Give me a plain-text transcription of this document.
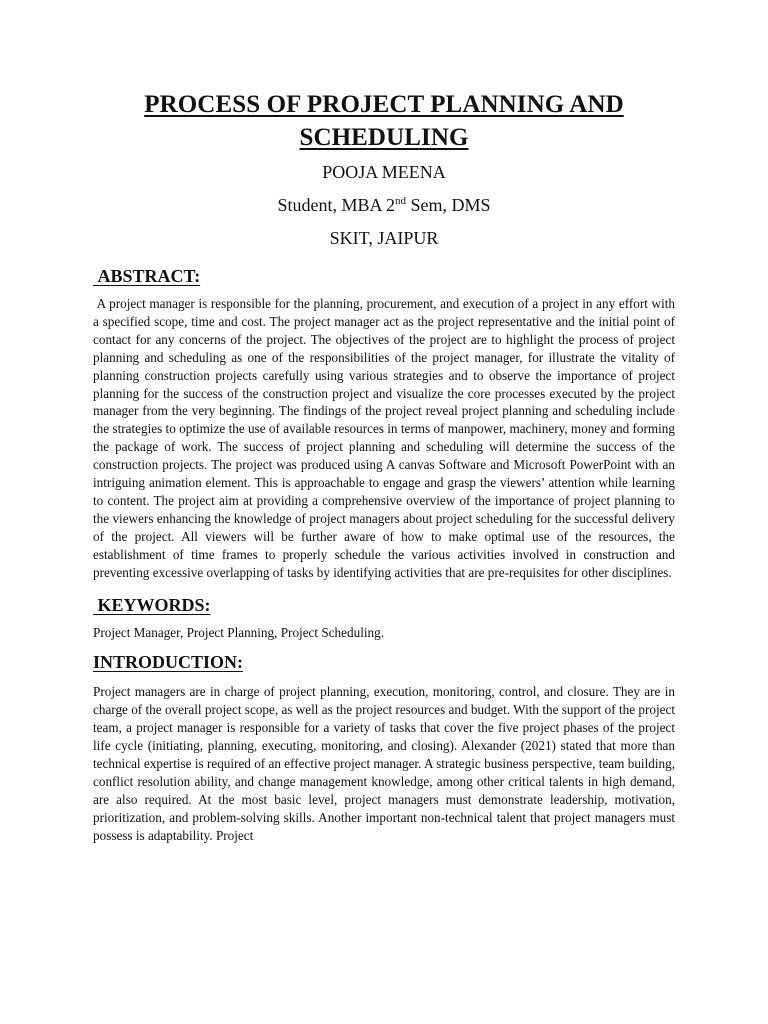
PROCESS OF PROJECT PLANNING AND
SCHEDULING
POOJA MEENA
Student, MBA 2nd Sem, DMS
SKIT, JAIPUR
ABSTRACT:

A project manager is responsible for the planning, procurement, and execution of a project in any effort with a specified scope, time and cost. The project manager act as the project representative and the initial point of contact for any concerns of the project. The objectives of the project are to highlight the process of project planning and scheduling as one of the responsibilities of the project manager, for illustrate the vitality of planning construction projects carefully using various strategies and to observe the importance of project planning for the success of the construction project and visualize the core processes executed by the project manager from the very beginning. The findings of the project reveal project planning and scheduling include the strategies to optimize the use of available resources in terms of manpower, machinery, money and forming the package of work. The success of project planning and scheduling will determine the success of the construction projects. The project was produced using A canvas Software and Microsoft PowerPoint with an intriguing animation element. This is approachable to engage and grasp the viewers’ attention while learning to content. The project aim at providing a comprehensive overview of the importance of project planning to the viewers enhancing the knowledge of project managers about project scheduling for the successful delivery of the project. All viewers will be further aware of how to make optimal use of the resources, the establishment of time frames to properly schedule the various activities involved in construction and preventing excessive overlapping of tasks by identifying activities that are pre-requisites for other disciplines.

KEYWORDS:

Project Manager, Project Planning, Project Scheduling.

INTRODUCTION:

Project managers are in charge of project planning, execution, monitoring, control, and closure. They are in charge of the overall project scope, as well as the project resources and budget. With the support of the project team, a project manager is responsible for a variety of tasks that cover the five project phases of the project life cycle (initiating, planning, executing, monitoring, and closing). Alexander (2021) stated that more than technical expertise is required of an effective project manager. A strategic business perspective, team building, conflict resolution ability, and change management knowledge, among other critical talents in high demand, are also required. At the most basic level, project managers must demonstrate leadership, motivation, prioritization, and problem-solving skills. Another important non-technical talent that project managers must possess is adaptability. Project
